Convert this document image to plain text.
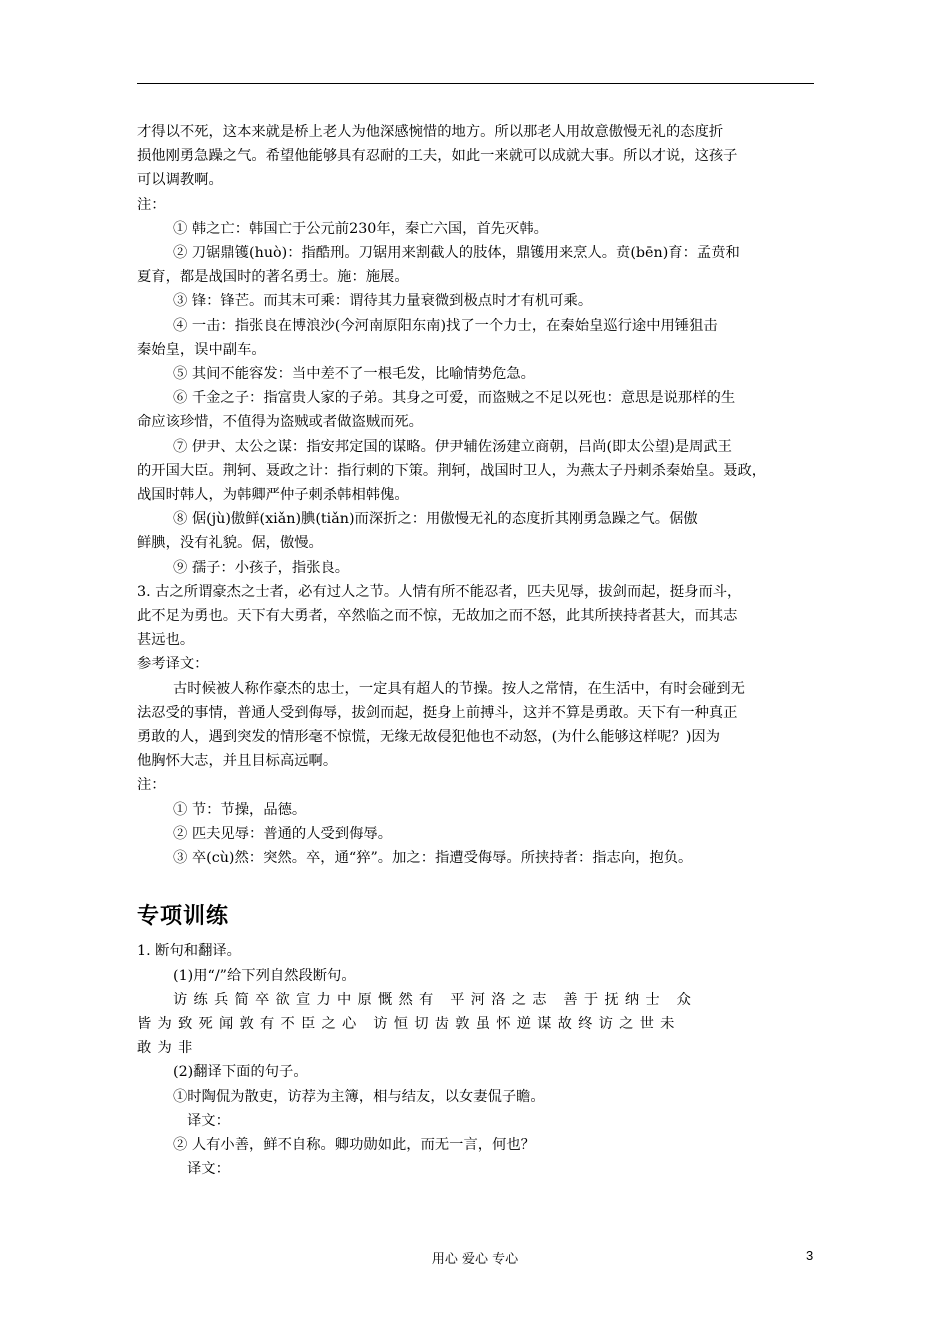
才得以不死，这本来就是桥上老人为他深感惋惜的地方。所以那老人用故意傲慢无礼的态度折

损他刚勇急躁之气。希望他能够具有忍耐的工夫，如此一来就可以成就大事。所以才说，这孩子

可以调教啊。

注：

① 韩之亡：韩国亡于公元前230年，秦亡六国，首先灭韩。

② 刀锯鼎镬(huò)：指酷刑。刀锯用来割截人的肢体，鼎镬用来烹人。贲(bēn)育：孟贲和

夏育，都是战国时的著名勇士。施：施展。

③ 锋：锋芒。而其末可乘：谓待其力量衰微到极点时才有机可乘。

④ 一击：指张良在博浪沙(今河南原阳东南)找了一个力士，在秦始皇巡行途中用锤狙击

秦始皇，误中副车。

⑤ 其间不能容发：当中差不了一根毛发，比喻情势危急。

⑥ 千金之子：指富贵人家的子弟。其身之可爱，而盗贼之不足以死也：意思是说那样的生

命应该珍惜，不值得为盗贼或者做盗贼而死。

⑦ 伊尹、太公之谋：指安邦定国的谋略。伊尹辅佐汤建立商朝，吕尚(即太公望)是周武王

的开国大臣。荆轲、聂政之计：指行刺的下策。荆轲，战国时卫人，为燕太子丹刺杀秦始皇。聂政，

战国时韩人，为韩卿严仲子刺杀韩相韩傀。

⑧ 倨(jù)傲鲜(xiǎn)腆(tiǎn)而深折之：用傲慢无礼的态度折其刚勇急躁之气。倨傲

鲜腆，没有礼貌。倨，傲慢。

⑨ 孺子：小孩子，指张良。

3. 古之所谓豪杰之士者，必有过人之节。人情有所不能忍者，匹夫见辱，拔剑而起，挺身而斗，

此不足为勇也。天下有大勇者，卒然临之而不惊，无故加之而不怒，此其所挟持者甚大，而其志

甚远也。

参考译文：

古时候被人称作豪杰的忠士，一定具有超人的节操。按人之常情，在生活中，有时会碰到无

法忍受的事情，普通人受到侮辱，拔剑而起，挺身上前搏斗，这并不算是勇敢。天下有一种真正

勇敢的人，遇到突发的情形毫不惊慌，无缘无故侵犯他也不动怒，(为什么能够这样呢？)因为

他胸怀大志，并且目标高远啊。

注：

① 节：节操，品德。

② 匹夫见辱：普通的人受到侮辱。

③ 卒(cù)然：突然。卒，通“猝”。加之：指遭受侮辱。所挟持者：指志向，抱负。

专项训练

1. 断句和翻译。

(1)用“/”给下列自然段断句。

访练兵简卒欲宣力中原慨然有 平河洛之志 善于抚纳士 众

皆为致死闻敦有不臣之心 访恒切齿敦虽怀逆谋故终访之世未

敢为非

(2)翻译下面的句子。

①时陶侃为散吏，访荐为主簿，相与结友，以女妻侃子瞻。

译文：

② 人有小善，鲜不自称。卿功勋如此，而无一言，何也？

译文：

用心 爱心 专心	3
